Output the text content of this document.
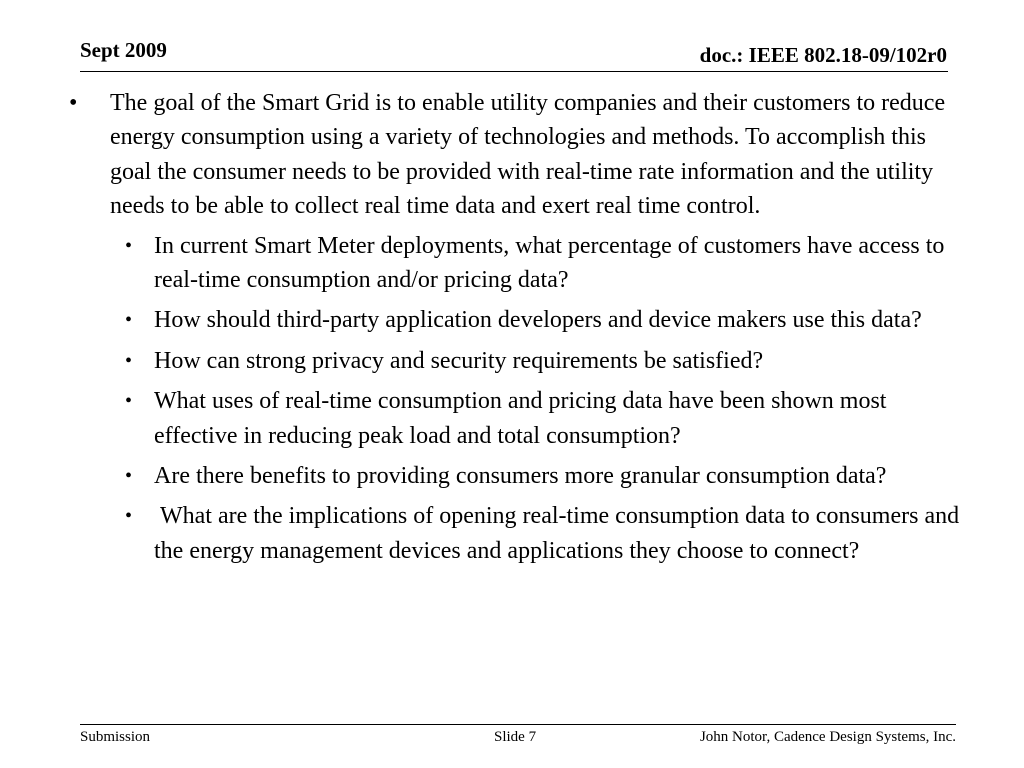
Sept 2009	doc.: IEEE 802.18-09/102r0

• The goal of the Smart Grid is to enable utility companies and their customers to reduce energy consumption using a variety of technologies and methods. To accomplish this goal the consumer needs to be provided with real-time rate information and the utility needs to be able to collect real time data and exert real time control.

• In current Smart Meter deployments, what percentage of customers have access to real-time consumption and/or pricing data?
• How should third-party application developers and device makers use this data?
• How can strong privacy and security requirements be satisfied?
• What uses of real-time consumption and pricing data have been shown most effective in reducing peak load and total consumption?
• Are there benefits to providing consumers more granular consumption data?
• What are the implications of opening real-time consumption data to consumers and the energy management devices and applications they choose to connect?
Submission	Slide 7	John Notor, Cadence Design Systems, Inc.
